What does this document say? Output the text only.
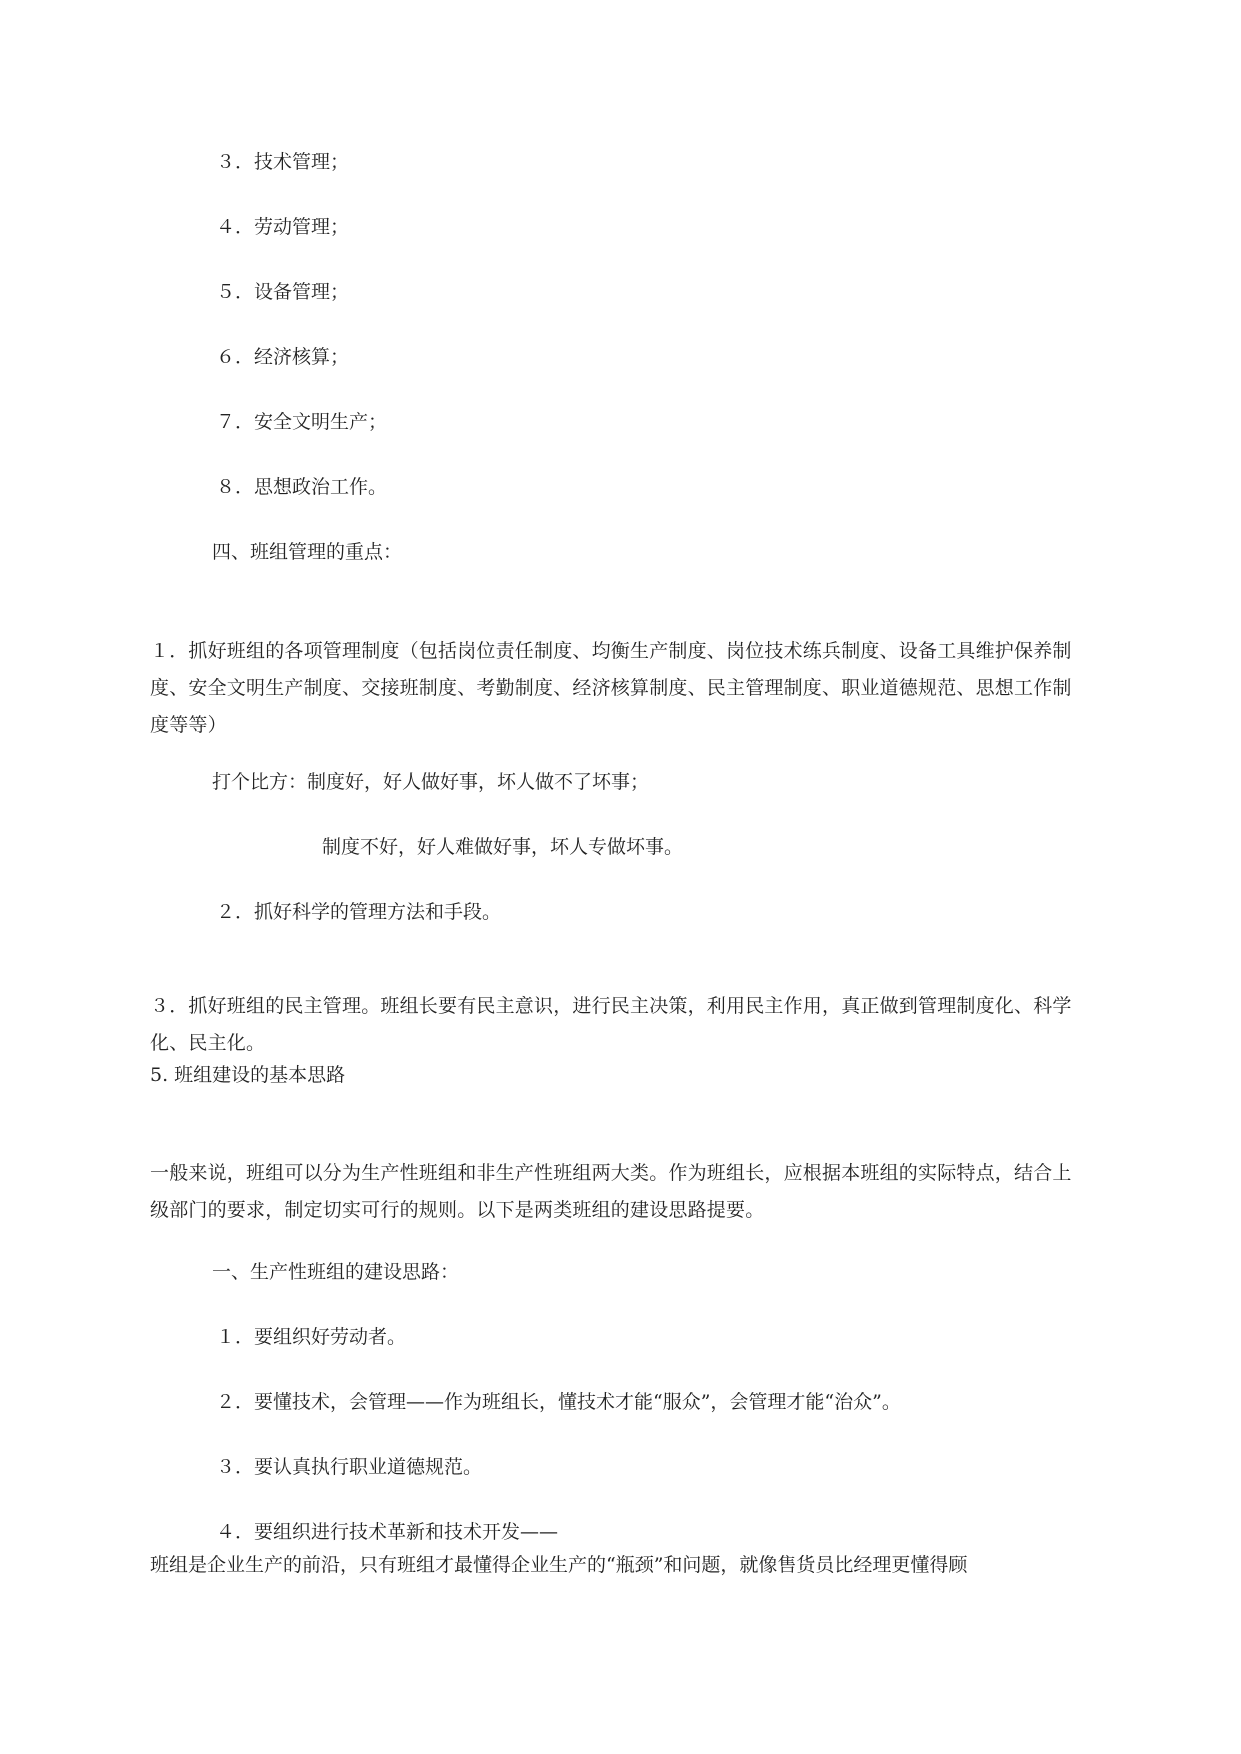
３．技术管理；
４．劳动管理；
５．设备管理；
６．经济核算；
７．安全文明生产；
８．思想政治工作。
四、班组管理的重点：
１．抓好班组的各项管理制度（包括岗位责任制度、均衡生产制度、岗位技术练兵制度、设备工具维护保养制度、安全文明生产制度、交接班制度、考勤制度、经济核算制度、民主管理制度、职业道德规范、思想工作制度等等）
打个比方：制度好，好人做好事，坏人做不了坏事；
制度不好，好人难做好事，坏人专做坏事。
２．抓好科学的管理方法和手段。
３．抓好班组的民主管理。班组长要有民主意识，进行民主决策，利用民主作用，真正做到管理制度化、科学化、民主化。
5. 班组建设的基本思路
一般来说，班组可以分为生产性班组和非生产性班组两大类。作为班组长，应根据本班组的实际特点，结合上级部门的要求，制定切实可行的规则。以下是两类班组的建设思路提要。
一、生产性班组的建设思路：
１．要组织好劳动者。
２．要懂技术，会管理——作为班组长，懂技术才能“服众”，会管理才能“治众”。
３．要认真执行职业道德规范。
４．要组织进行技术革新和技术开发——
班组是企业生产的前沿，只有班组才最懂得企业生产的“瓶颈”和问题，就像售货员比经理更懂得顾
